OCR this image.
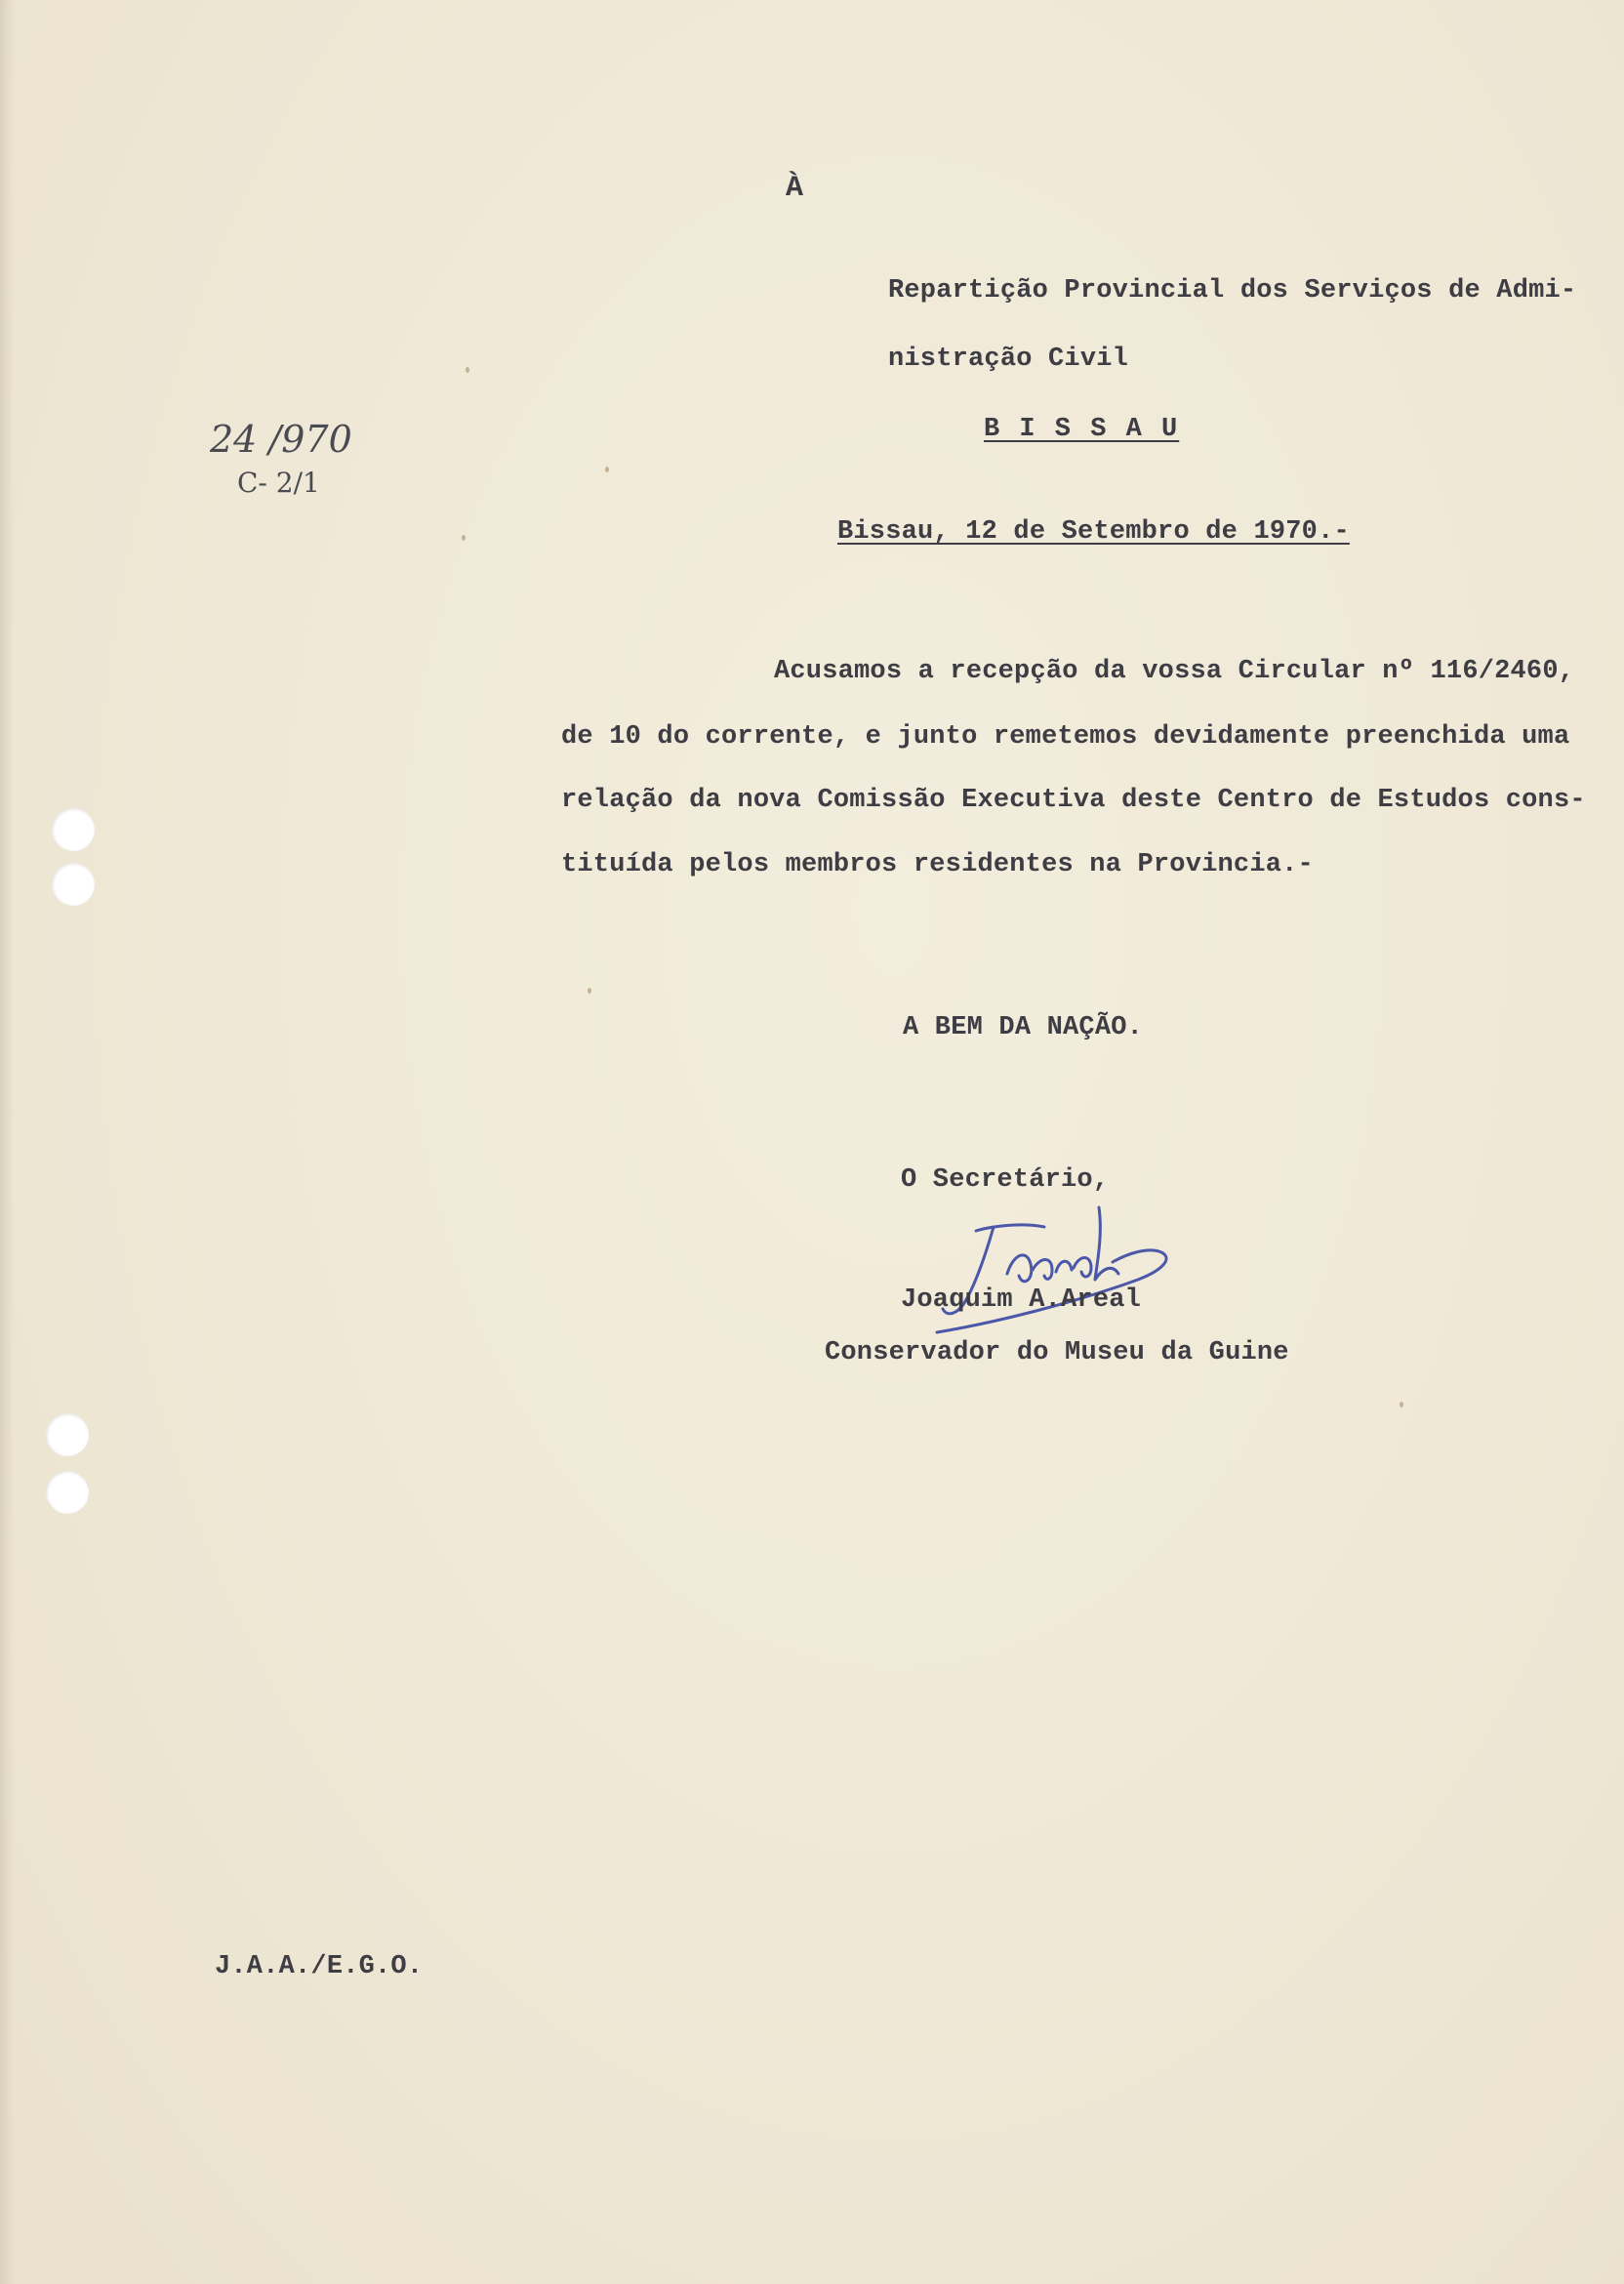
À
Repartição Provincial dos Serviços de Admi-
nistração Civil
B I S S A U
24 /970
C- 2/1
Bissau, 12 de Setembro de 1970.-
Acusamos a recepção da vossa Circular nº 116/2460,
de 10 do corrente, e junto remetemos devidamente preenchida uma
relação da nova Comissão Executiva deste Centro de Estudos cons-
tituída pelos membros residentes na Provincia.-
A BEM DA NAÇÃO.
O Secretário,
Joaquim A.Areal
Conservador do Museu da Guine
J.A.A./E.G.O.
